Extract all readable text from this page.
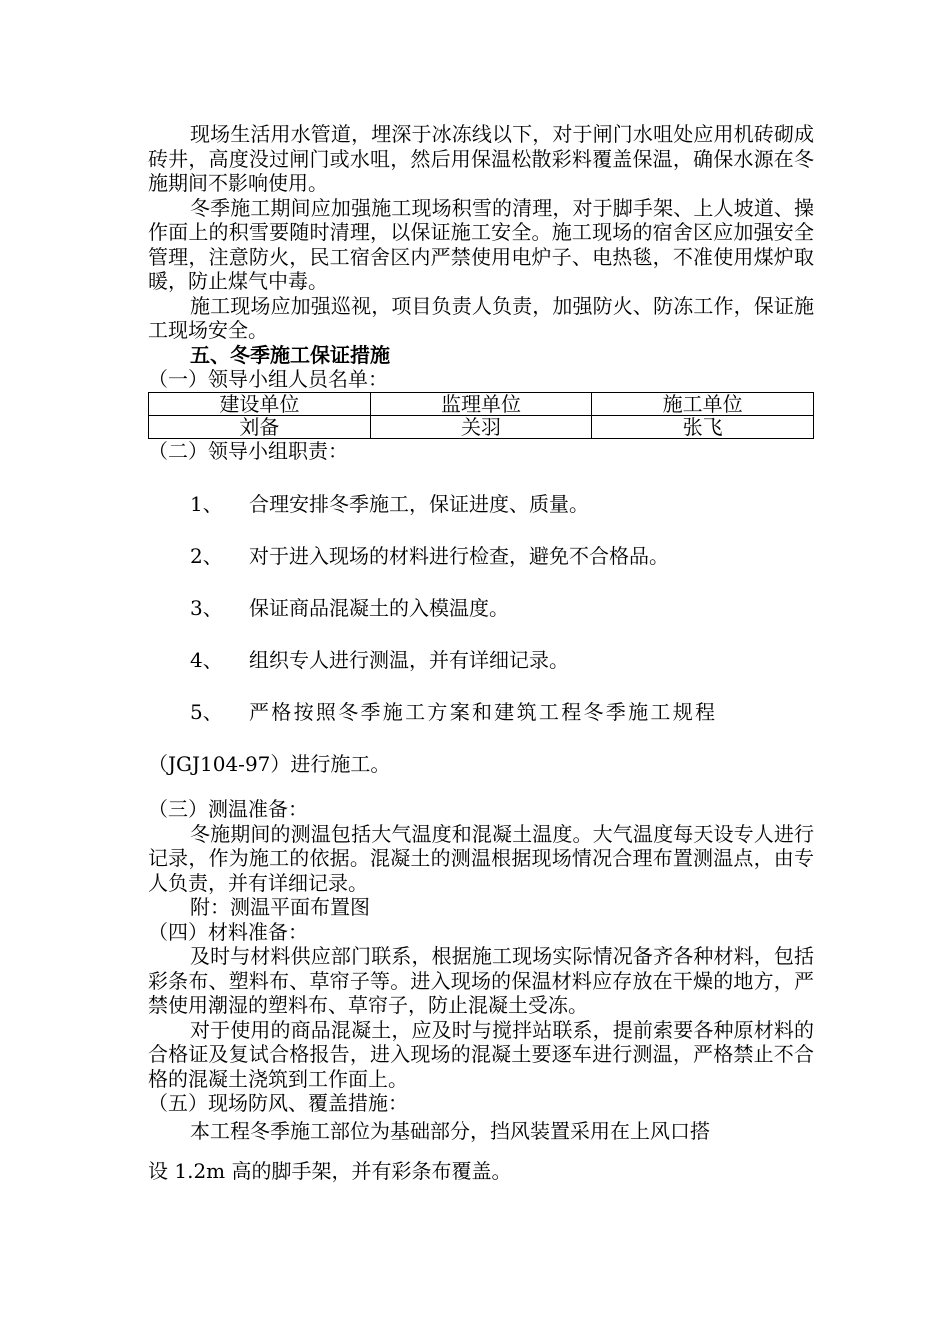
现场生活用水管道，埋深于冰冻线以下，对于闸门水咀处应用机砖砌成砖井，高度没过闸门或水咀，然后用保温松散彩料覆盖保温，确保水源在冬施期间不影响使用。

冬季施工期间应加强施工现场积雪的清理，对于脚手架、上人坡道、操作面上的积雪要随时清理，以保证施工安全。施工现场的宿舍区应加强安全管理，注意防火，民工宿舍区内严禁使用电炉子、电热毯，不准使用煤炉取暖，防止煤气中毒。

施工现场应加强巡视，项目负责人负责，加强防火、防冻工作，保证施工现场安全。

五、冬季施工保证措施

（一）领导小组人员名单：

建设单位	监理单位	施工单位
刘备	关羽	张飞

（二）领导小组职责：

1、	合理安排冬季施工，保证进度、质量。
2、	对于进入现场的材料进行检查，避免不合格品。
3、	保证商品混凝土的入模温度。
4、	组织专人进行测温，并有详细记录。
5、	严格按照冬季施工方案和建筑工程冬季施工规程
（JGJ104-97）进行施工。

（三）测温准备：

冬施期间的测温包括大气温度和混凝土温度。大气温度每天设专人进行记录，作为施工的依据。混凝土的测温根据现场情况合理布置测温点，由专人负责，并有详细记录。

附：测温平面布置图

（四）材料准备：

及时与材料供应部门联系，根据施工现场实际情况备齐各种材料，包括彩条布、塑料布、草帘子等。进入现场的保温材料应存放在干燥的地方，严禁使用潮湿的塑料布、草帘子，防止混凝土受冻。

对于使用的商品混凝土，应及时与搅拌站联系，提前索要各种原材料的合格证及复试合格报告，进入现场的混凝土要逐车进行测温，严格禁止不合格的混凝土浇筑到工作面上。

（五）现场防风、覆盖措施：

本工程冬季施工部位为基础部分，挡风装置采用在上风口搭
设 1.2m 高的脚手架，并有彩条布覆盖。
